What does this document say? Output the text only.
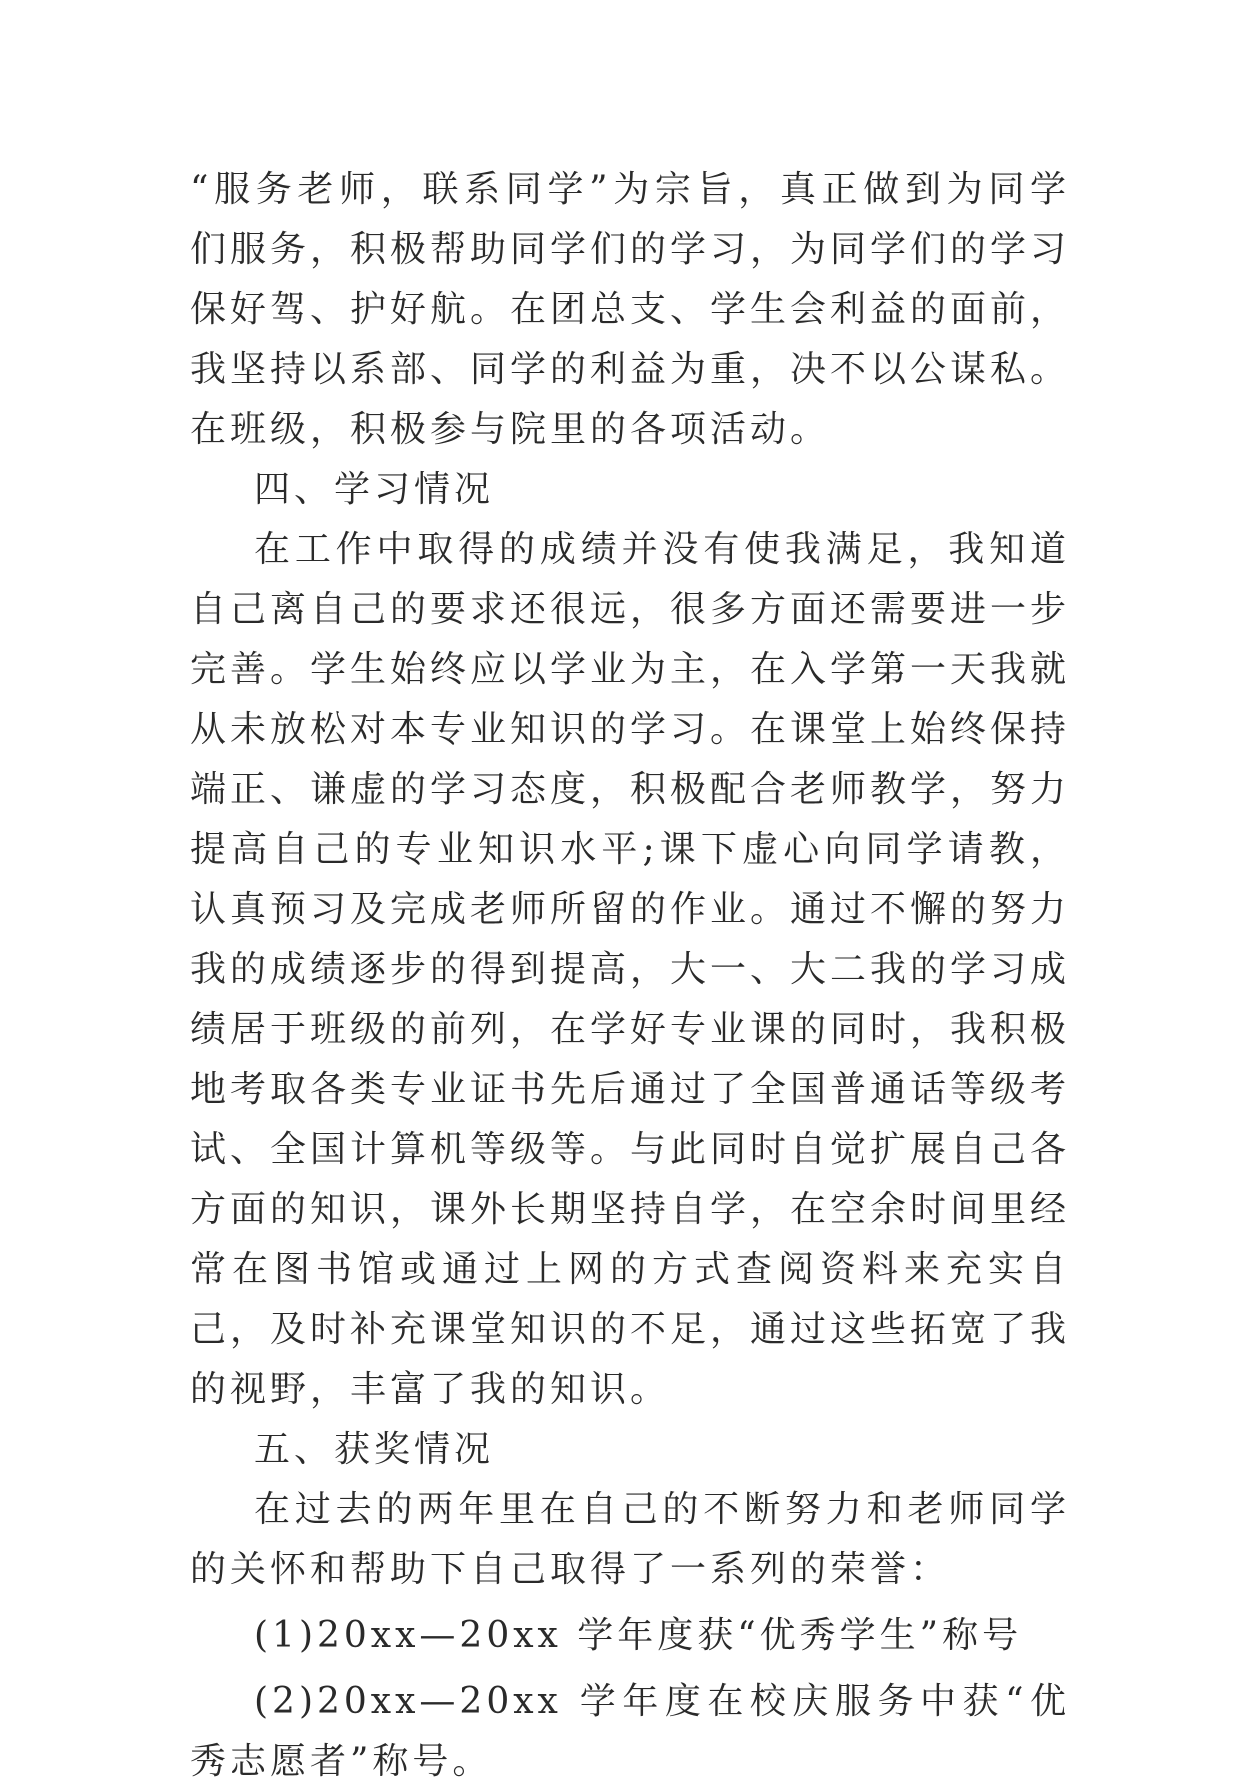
“服务老师，联系同学”为宗旨，真正做到为同学们服务，积极帮助同学们的学习，为同学们的学习保好驾、护好航。在团总支、学生会利益的面前，我坚持以系部、同学的利益为重，决不以公谋私。在班级，积极参与院里的各项活动。

四、学习情况

在工作中取得的成绩并没有使我满足，我知道自己离自己的要求还很远，很多方面还需要进一步完善。学生始终应以学业为主，在入学第一天我就从未放松对本专业知识的学习。在课堂上始终保持端正、谦虚的学习态度，积极配合老师教学，努力提高自己的专业知识水平;课下虚心向同学请教，认真预习及完成老师所留的作业。通过不懈的努力我的成绩逐步的得到提高，大一、大二我的学习成绩居于班级的前列，在学好专业课的同时，我积极地考取各类专业证书先后通过了全国普通话等级考试、全国计算机等级等。与此同时自觉扩展自己各方面的知识，课外长期坚持自学，在空余时间里经常在图书馆或通过上网的方式查阅资料来充实自己，及时补充课堂知识的不足，通过这些拓宽了我的视野，丰富了我的知识。

五、获奖情况

在过去的两年里在自己的不断努力和老师同学的关怀和帮助下自己取得了一系列的荣誉：

(1)20xx—20xx 学年度获“优秀学生”称号

(2)20xx—20xx 学年度在校庆服务中获“优秀志愿者”称号。
